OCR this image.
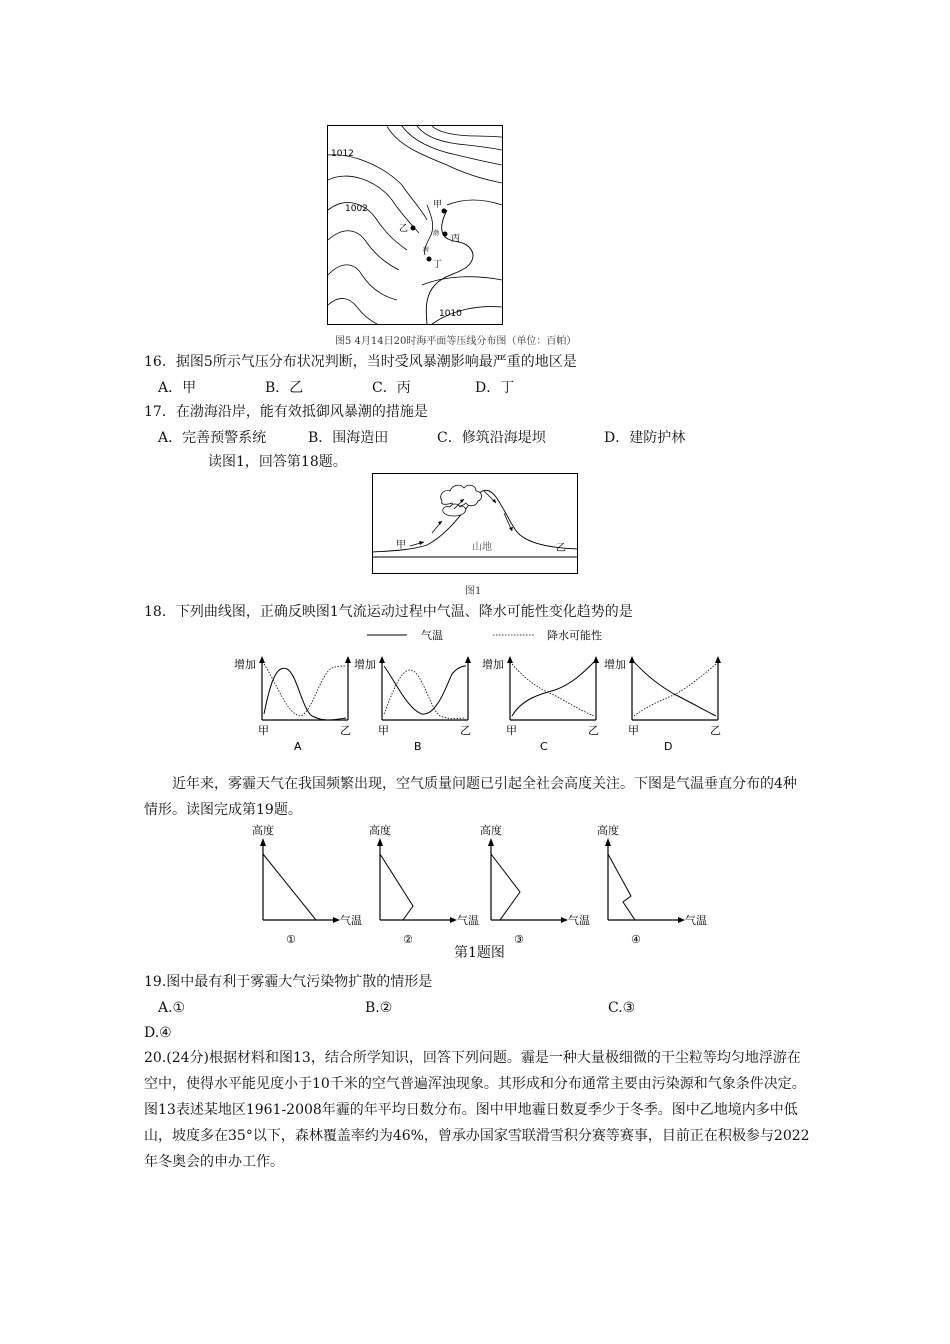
1012
1002
1010
甲
乙
丙
丁
渤
海
图5 4月14日20时海平面等压线分布图（单位：百帕）
16．据图5所示气压分布状况判断，当时受风暴潮影响最严重的地区是
A．甲	B．乙	C．丙	D．丁
17．在渤海沿岸，能有效抵御风暴潮的措施是
A．完善预警系统	B．围海造田	C．修筑沿海堤坝	D．建防护林
读图1，回答第18题。
甲	乙
山地
图1
18．下列曲线图，正确反映图1气流运动过程中气温、降水可能性变化趋势的是
气温	降水可能性
增加
甲	乙
A
增加
甲	乙
B
增加
甲	乙
C
增加
甲	乙
D
近年来，雾霾天气在我国频繁出现，空气质量问题已引起全社会高度关注。下图是气温垂直分布的4种
情形。读图完成第19题。
高度
气温
①
高度
气温
②
高度
气温
③
高度
气温
④
第1题图
19.图中最有利于雾霾大气污染物扩散的情形是
A.①	B.②	C.③
D.④
20.(24分)根据材料和图13，结合所学知识，回答下列问题。霾是一种大量极细微的干尘粒等均匀地浮游在
空中，使得水平能见度小于10千米的空气普遍浑浊现象。其形成和分布通常主要由污染源和气象条件决定。
图13表述某地区1961-2008年霾的年平均日数分布。图中甲地霾日数夏季少于冬季。图中乙地境内多中低
山，坡度多在35°以下，森林覆盖率约为46%，曾承办国家雪联滑雪积分赛等赛事，目前正在积极参与2022
年冬奥会的申办工作。
